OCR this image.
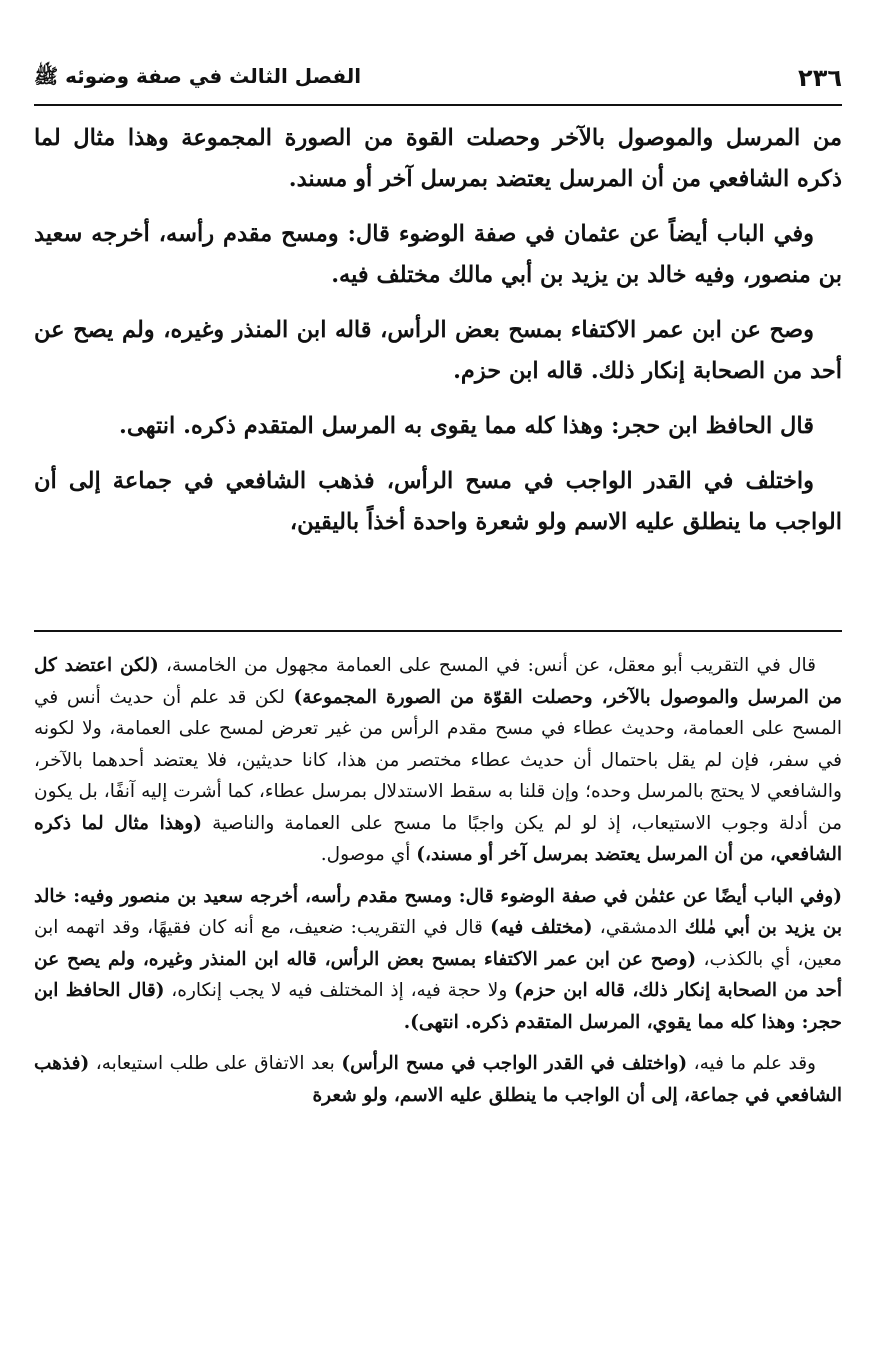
٢٣٦
الفصل الثالث في صفة وضوئه ﷺ

من المرسل والموصول بالآخر وحصلت القوة من الصورة المجموعة وهذا مثال لما ذكره الشافعي من أن المرسل يعتضد بمرسل آخر أو مسند.

وفي الباب أيضاً عن عثمان في صفة الوضوء قال: ومسح مقدم رأسه، أخرجه سعيد بن منصور، وفيه خالد بن يزيد بن أبي مالك مختلف فيه.

وصح عن ابن عمر الاكتفاء بمسح بعض الرأس، قاله ابن المنذر وغيره، ولم يصح عن أحد من الصحابة إنكار ذلك. قاله ابن حزم.

قال الحافظ ابن حجر: وهذا كله مما يقوى به المرسل المتقدم ذكره. انتهى.

واختلف في القدر الواجب في مسح الرأس، فذهب الشافعي في جماعة إلى أن الواجب ما ينطلق عليه الاسم ولو شعرة واحدة أخذاً باليقين،

قال في التقريب أبو معقل، عن أنس: في المسح على العمامة مجهول من الخامسة، (لكن اعتضد كل من المرسل والموصول بالآخر، وحصلت القوّة من الصورة المجموعة) لكن قد علم أن حديث أنس في المسح على العمامة، وحديث عطاء في مسح مقدم الرأس من غير تعرض لمسح على العمامة، ولا لكونه في سفر، فإن لم يقل باحتمال أن حديث عطاء مختصر من هذا، كانا حديثين، فلا يعتضد أحدهما بالآخر، والشافعي لا يحتج بالمرسل وحده؛ وإن قلنا به سقط الاستدلال بمرسل عطاء، كما أشرت إليه آنفًا، بل يكون من أدلة وجوب الاستيعاب، إذ لو لم يكن واجبًا ما مسح على العمامة والناصية (وهذا مثال لما ذكره الشافعي، من أن المرسل يعتضد بمرسل آخر أو مسند،) أي موصول.

(وفي الباب أيضًا عن عثمٰن في صفة الوضوء قال: ومسح مقدم رأسه، أخرجه سعيد بن منصور وفيه: خالد بن يزيد بن أبي مٰلك الدمشقي، (مختلف فيه) قال في التقريب: ضعيف، مع أنه كان فقيهًا، وقد اتهمه ابن معين، أي بالكذب، (وصح عن ابن عمر الاكتفاء بمسح بعض الرأس، قاله ابن المنذر وغيره، ولم يصح عن أحد من الصحابة إنكار ذلك، قاله ابن حزم) ولا حجة فيه، إذ المختلف فيه لا يجب إنكاره، (قال الحافظ ابن حجر: وهذا كله مما يقوي، المرسل المتقدم ذكره. انتهى).

وقد علم ما فيه، (واختلف في القدر الواجب في مسح الرأس) بعد الاتفاق على طلب استيعابه، (فذهب الشافعي في جماعة، إلى أن الواجب ما ينطلق عليه الاسم، ولو شعرة
